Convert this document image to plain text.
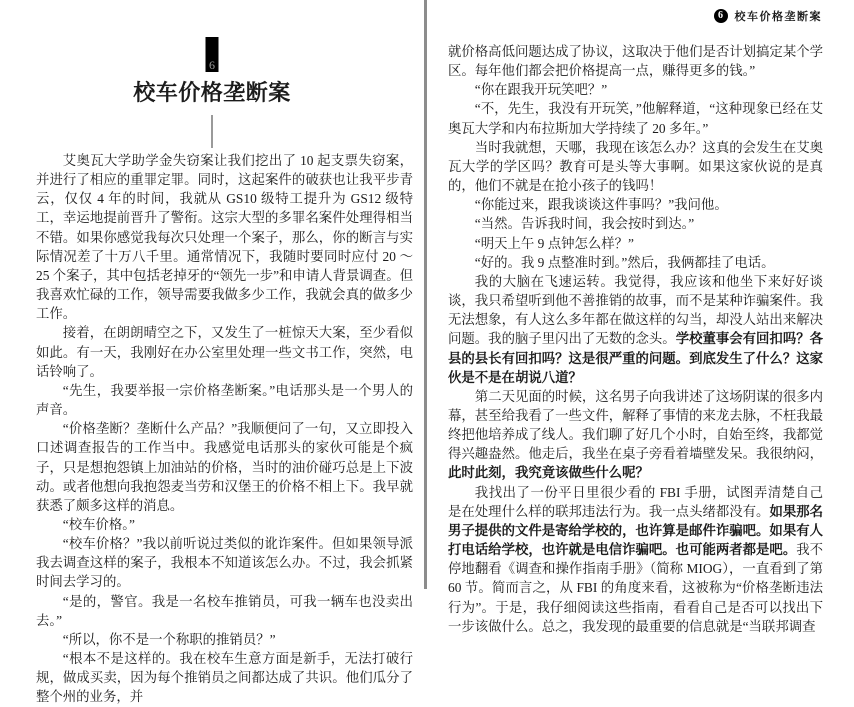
6
校车价格垄断案

艾奥瓦大学助学金失窃案让我们挖出了 10 起支票失窃案，并进行了相应的重罪定罪。同时，这起案件的破获也让我平步青云，仅仅 4 年的时间，我就从 GS10 级特工提升为 GS12 级特工，幸运地提前晋升了警衔。这宗大型的多罪名案件处理得相当不错。如果你感觉我每次只处理一个案子，那么，你的断言与实际情况差了十万八千里。通常情况下，我随时要同时应付 20 ～ 25 个案子，其中包括老掉牙的“领先一步”和申请人背景调查。但我喜欢忙碌的工作，领导需要我做多少工作，我就会真的做多少工作。

接着，在朗朗晴空之下，又发生了一桩惊天大案，至少看似如此。有一天，我刚好在办公室里处理一些文书工作，突然，电话铃响了。

“先生，我要举报一宗价格垄断案。”电话那头是一个男人的声音。

“价格垄断？垄断什么产品？”我顺便问了一句，又立即投入口述调查报告的工作当中。我感觉电话那头的家伙可能是个疯子，只是想抱怨镇上加油站的价格，当时的油价碰巧总是上下波动。或者他想向我抱怨麦当劳和汉堡王的价格不相上下。我早就获悉了颇多这样的消息。

“校车价格。”

“校车价格？”我以前听说过类似的讹诈案件。但如果领导派我去调查这样的案子，我根本不知道该怎么办。不过，我会抓紧时间去学习的。

“是的，警官。我是一名校车推销员，可我一辆车也没卖出去。”

“所以，你不是一个称职的推销员？”

“根本不是这样的。我在校车生意方面是新手，无法打破行规，做成买卖，因为每个推销员之间都达成了共识。他们瓜分了整个州的业务，并

6	校车价格垄断案

就价格高低问题达成了协议，这取决于他们是否计划搞定某个学区。每年他们都会把价格提高一点，赚得更多的钱。”

“你在跟我开玩笑吧？”

“不，先生，我没有开玩笑，”他解释道，“这种现象已经在艾奥瓦大学和内布拉斯加大学持续了 20 多年。”

当时我就想，天哪，我现在该怎么办？这真的会发生在艾奥瓦大学的学区吗？教育可是头等大事啊。如果这家伙说的是真的，他们不就是在抢小孩子的钱吗！

“你能过来，跟我谈谈这件事吗？”我问他。

“当然。告诉我时间，我会按时到达。”

“明天上午 9 点钟怎么样？”

“好的。我 9 点整准时到。”然后，我俩都挂了电话。

我的大脑在飞速运转。我觉得，我应该和他坐下来好好谈谈，我只希望听到他不善推销的故事，而不是某种诈骗案件。我无法想象，有人这么多年都在做这样的勾当，却没人站出来解决问题。我的脑子里闪出了无数的念头。学校董事会有回扣吗？各县的县长有回扣吗？这是很严重的问题。到底发生了什么？这家伙是不是在胡说八道？

第二天见面的时候，这名男子向我讲述了这场阴谋的很多内幕，甚至给我看了一些文件，解释了事情的来龙去脉，不枉我最终把他培养成了线人。我们聊了好几个小时，自始至终，我都觉得兴趣盎然。他走后，我坐在桌子旁看着墙壁发呆。我很纳闷，此时此刻，我究竟该做些什么呢？

我找出了一份平日里很少看的 FBI 手册，试图弄清楚自己是在处理什么样的联邦违法行为。我一点头绪都没有。如果那名男子提供的文件是寄给学校的，也许算是邮件诈骗吧。如果有人打电话给学校，也许就是电信诈骗吧。也可能两者都是吧。我不停地翻看《调查和操作指南手册》（简称 MIOG），一直看到了第 60 节。简而言之，从 FBI 的角度来看，这被称为“价格垄断违法行为”。于是，我仔细阅读这些指南，看看自己是否可以找出下一步该做什么。总之，我发现的最重要的信息就是“当联邦调查
